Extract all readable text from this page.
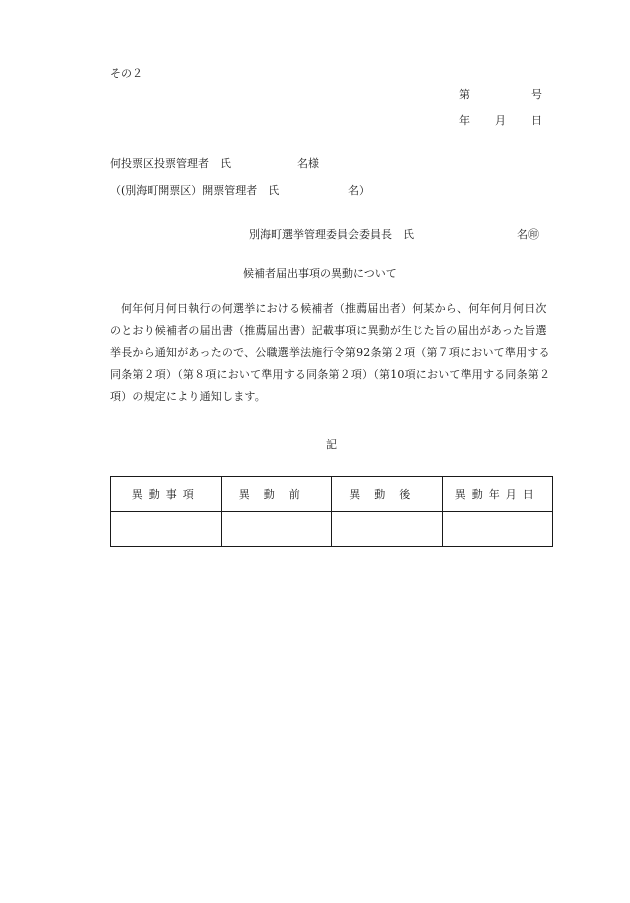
その２
第	号
年 月 日
何投票区投票管理者　氏	名様
（(別海町開票区）開票管理者　氏	名）
別海町選挙管理委員会委員長　氏	名㊞
候補者届出事項の異動について

何年何月何日執行の何選挙における候補者（推薦届出者）何某から、何年何月何日次

のとおり候補者の届出書（推薦届出書）記載事項に異動が生じた旨の届出があった旨選

挙長から通知があったので、公職選挙法施行令第92条第２項（第７項において準用する

同条第２項）（第８項において準用する同条第２項）（第10項において準用する同条第２

項）の規定により通知します。

記
異動事項	異動前	異動後	異動年月日
